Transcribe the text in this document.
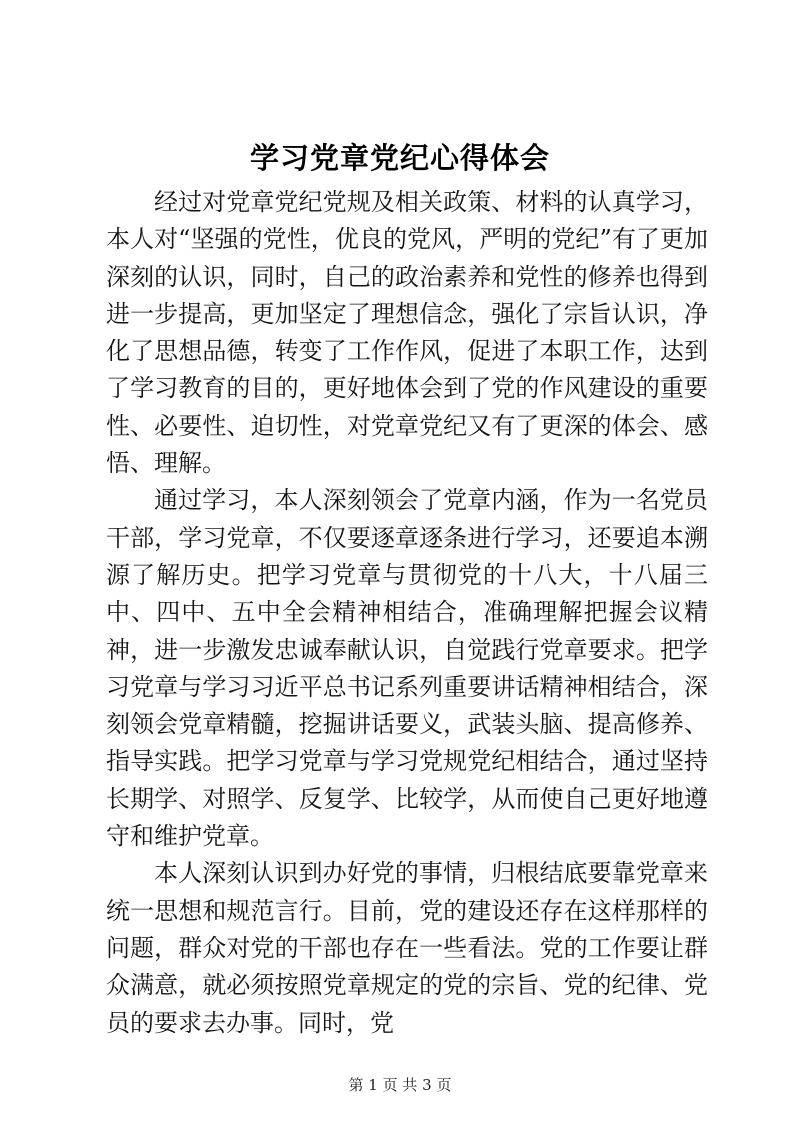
学习党章党纪心得体会

经过对党章党纪党规及相关政策、材料的认真学习，本人对“坚强的党性，优良的党风，严明的党纪”有了更加深刻的认识，同时，自己的政治素养和党性的修养也得到进一步提高，更加坚定了理想信念，强化了宗旨认识，净化了思想品德，转变了工作作风，促进了本职工作，达到了学习教育的目的，更好地体会到了党的作风建设的重要性、必要性、迫切性，对党章党纪又有了更深的体会、感悟、理解。

通过学习，本人深刻领会了党章内涵，作为一名党员干部，学习党章，不仅要逐章逐条进行学习，还要追本溯源了解历史。把学习党章与贯彻党的十八大，十八届三中、四中、五中全会精神相结合，准确理解把握会议精神，进一步激发忠诚奉献认识，自觉践行党章要求。把学习党章与学习习近平总书记系列重要讲话精神相结合，深刻领会党章精髓，挖掘讲话要义，武装头脑、提高修养、指导实践。把学习党章与学习党规党纪相结合，通过坚持长期学、对照学、反复学、比较学，从而使自己更好地遵守和维护党章。

本人深刻认识到办好党的事情，归根结底要靠党章来统一思想和规范言行。目前，党的建设还存在这样那样的问题，群众对党的干部也存在一些看法。党的工作要让群众满意，就必须按照党章规定的党的宗旨、党的纪律、党员的要求去办事。同时，党

第 1 页 共 3 页
